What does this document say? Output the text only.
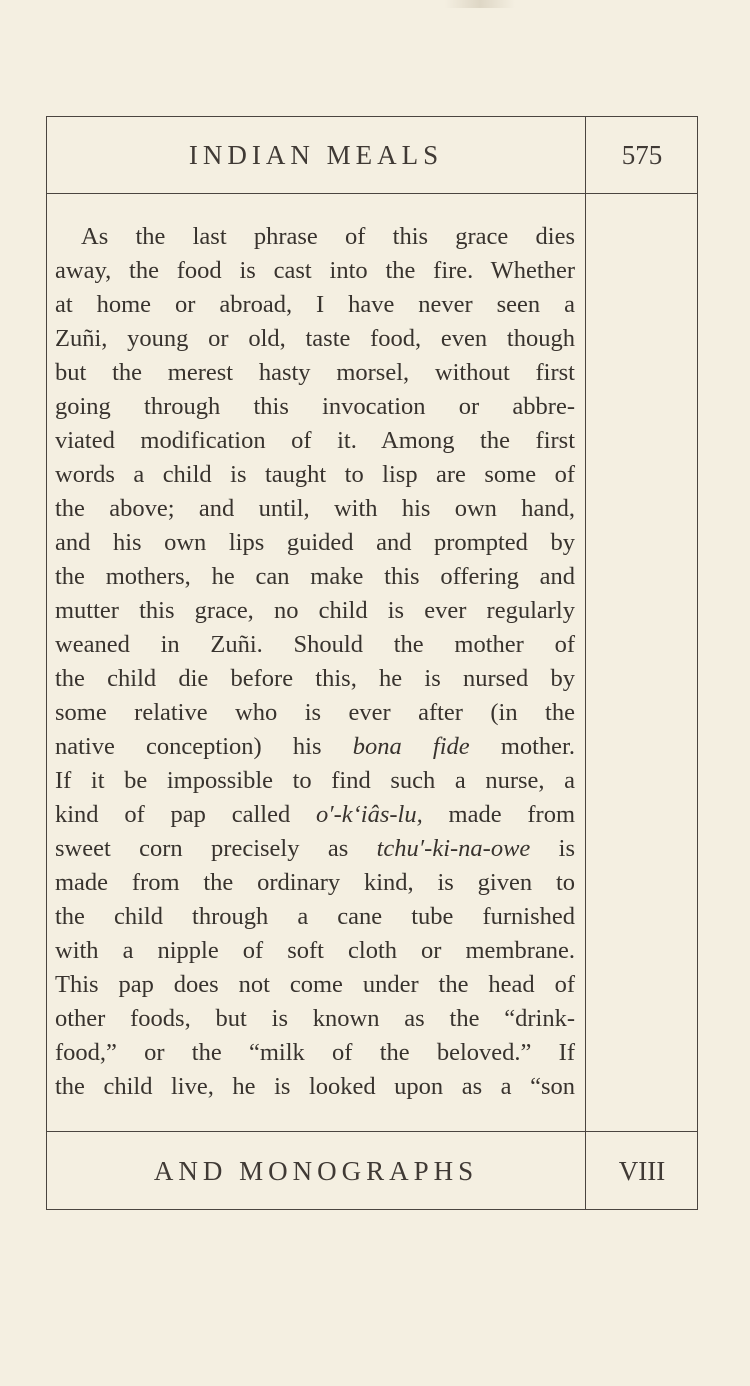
INDIAN MEALS	575
As the last phrase of this grace dies
away, the food is cast into the fire. Whether
at home or abroad, I have never seen a
Zuñi, young or old, taste food, even though
but the merest hasty morsel, without first
going through this invocation or abbre-
viated modification of it. Among the first
words a child is taught to lisp are some of
the above; and until, with his own hand,
and his own lips guided and prompted by
the mothers, he can make this offering and
mutter this grace, no child is ever regularly
weaned in Zuñi. Should the mother of
the child die before this, he is nursed by
some relative who is ever after (in the
native conception) his bona fide mother.
If it be impossible to find such a nurse, a
kind of pap called o′-k‘iâs-lu, made from
sweet corn precisely as tchu′-ki-na-owe is
made from the ordinary kind, is given to
the child through a cane tube furnished
with a nipple of soft cloth or membrane.
This pap does not come under the head of
other foods, but is known as the “drink-
food,” or the “milk of the beloved.” If
the child live, he is looked upon as a “son
AND MONOGRAPHS	VIII
